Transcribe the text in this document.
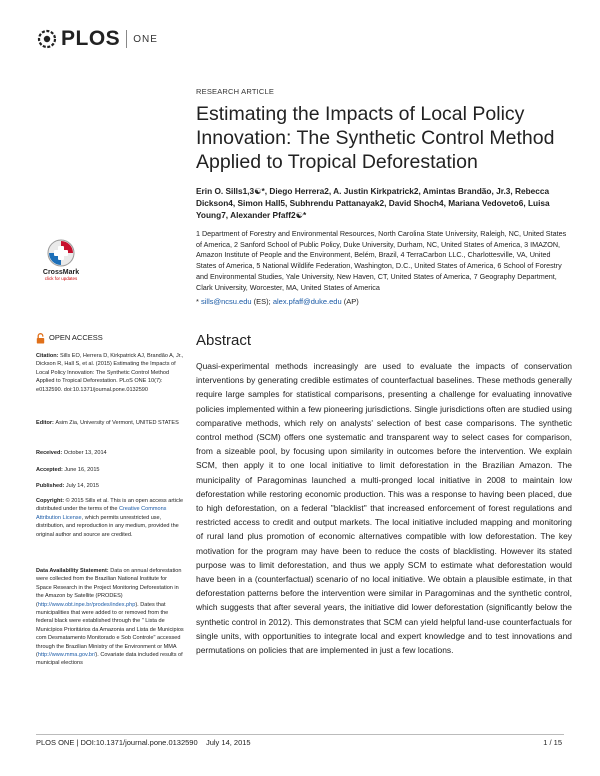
PLOS ONE
CrossMark
click for updates
RESEARCH ARTICLE
Estimating the Impacts of Local Policy Innovation: The Synthetic Control Method Applied to Tropical Deforestation
Erin O. Sills1,3☯*, Diego Herrera2, A. Justin Kirkpatrick2, Amintas Brandão, Jr.3, Rebecca Dickson4, Simon Hall5, Subhrendu Pattanayak2, David Shoch4, Mariana Vedoveto6, Luisa Young7, Alexander Pfaff2☯*
1 Department of Forestry and Environmental Resources, North Carolina State University, Raleigh, NC, United States of America, 2 Sanford School of Public Policy, Duke University, Durham, NC, United States of America, 3 IMAZON, Amazon Institute of People and the Environment, Belém, Brazil, 4 TerraCarbon LLC., Charlottesville, VA, United States of America, 5 National Wildlife Federation, Washington, D.C., United States of America, 6 School of Forestry and Environmental Studies, Yale University, New Haven, CT, United States of America, 7 Geography Department, Clark University, Worcester, MA, United States of America
* sills@ncsu.edu (ES); alex.pfaff@duke.edu (AP)
Abstract
Quasi-experimental methods increasingly are used to evaluate the impacts of conservation interventions by generating credible estimates of counterfactual baselines. These methods generally require large samples for statistical comparisons, presenting a challenge for evaluating innovative policies implemented within a few pioneering jurisdictions. Single jurisdictions often are studied using comparative methods, which rely on analysts' selection of best case comparisons. The synthetic control method (SCM) offers one systematic and transparent way to select cases for comparison, from a sizeable pool, by focusing upon similarity in outcomes before the intervention. We explain SCM, then apply it to one local initiative to limit deforestation in the Brazilian Amazon. The municipality of Paragominas launched a multi-pronged local initiative in 2008 to maintain low deforestation while restoring economic production. This was a response to having been placed, due to high deforestation, on a federal "blacklist" that increased enforcement of forest regulations and restricted access to credit and output markets. The local initiative included mapping and monitoring of rural land plus promotion of economic alternatives compatible with low deforestation. The key motivation for the program may have been to reduce the costs of blacklisting. However its stated purpose was to limit deforestation, and thus we apply SCM to estimate what deforestation would have been in a (counterfactual) scenario of no local initiative. We obtain a plausible estimate, in that deforestation patterns before the intervention were similar in Paragominas and the synthetic control, which suggests that after several years, the initiative did lower deforestation (significantly below the synthetic control in 2012). This demonstrates that SCM can yield helpful land-use counterfactuals for single units, with opportunities to integrate local and expert knowledge and to test innovations and permutations on policies that are implemented in just a few locations.
OPEN ACCESS
Citation: Sills EO, Herrera D, Kirkpatrick AJ, Brandão A, Jr., Dickson R, Hall S, et al. (2015) Estimating the Impacts of Local Policy Innovation: The Synthetic Control Method Applied to Tropical Deforestation. PLoS ONE 10(7): e0132590. doi:10.1371/journal.pone.0132590
Editor: Asim Zia, University of Vermont, UNITED STATES
Received: October 13, 2014
Accepted: June 16, 2015
Published: July 14, 2015
Copyright: © 2015 Sills et al. This is an open access article distributed under the terms of the Creative Commons Attribution License, which permits unrestricted use, distribution, and reproduction in any medium, provided the original author and source are credited.
Data Availability Statement: Data on annual deforestation were collected from the Brazilian National Institute for Space Research in the Project Monitoring Deforestation in the Amazon by Satellite (PRODES) (http://www.obt.inpe.br/prodes/index.php). Dates that municipalities that were added to or removed from the federal black were established through the " Lista de Municípios Prioritários da Amazonia and Lista de Municipios com Desmatamento Monitorado e Sob Controle" accessed through the Brazilian Ministry of the Environment or MMA (http://www.mma.gov.br/). Covariate data included results of municipal elections
PLOS ONE | DOI:10.1371/journal.pone.0132590    July 14, 2015	1 / 15
